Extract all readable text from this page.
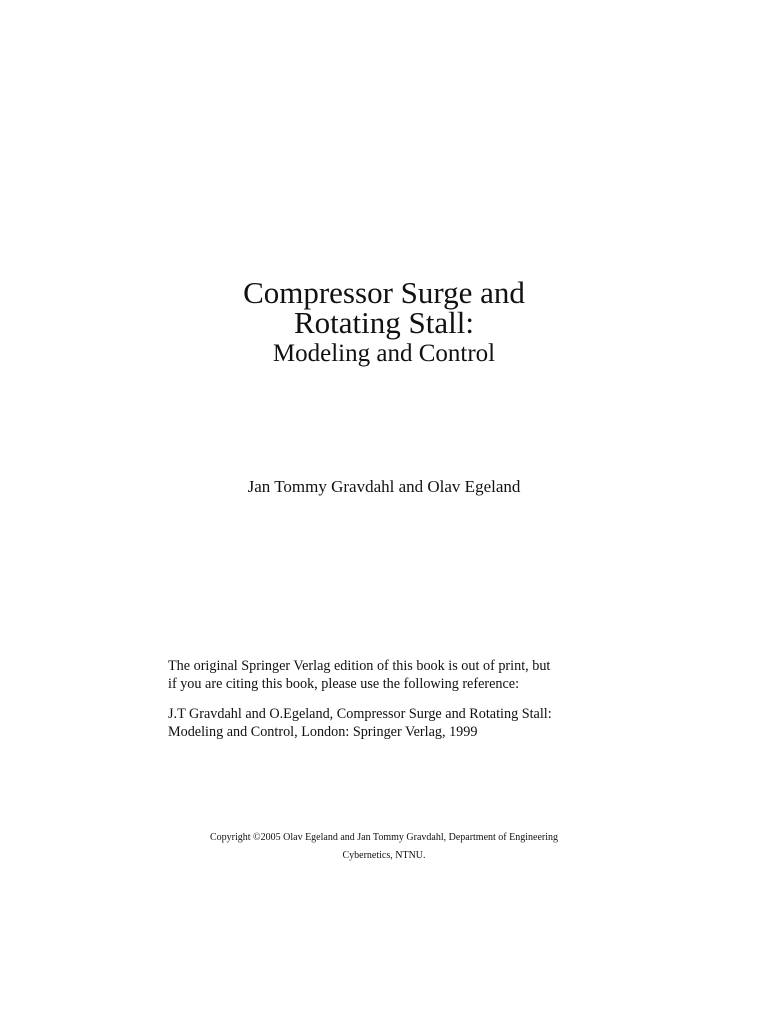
Compressor Surge and
Rotating Stall:
Modeling and Control
Jan Tommy Gravdahl and Olav Egeland

The original Springer Verlag edition of this book is out of print, but
if you are citing this book, please use the following reference:

J.T Gravdahl and O.Egeland, Compressor Surge and Rotating Stall:
Modeling and Control, London: Springer Verlag, 1999

Copyright ©2005 Olav Egeland and Jan Tommy Gravdahl, Department of Engineering
Cybernetics, NTNU.
